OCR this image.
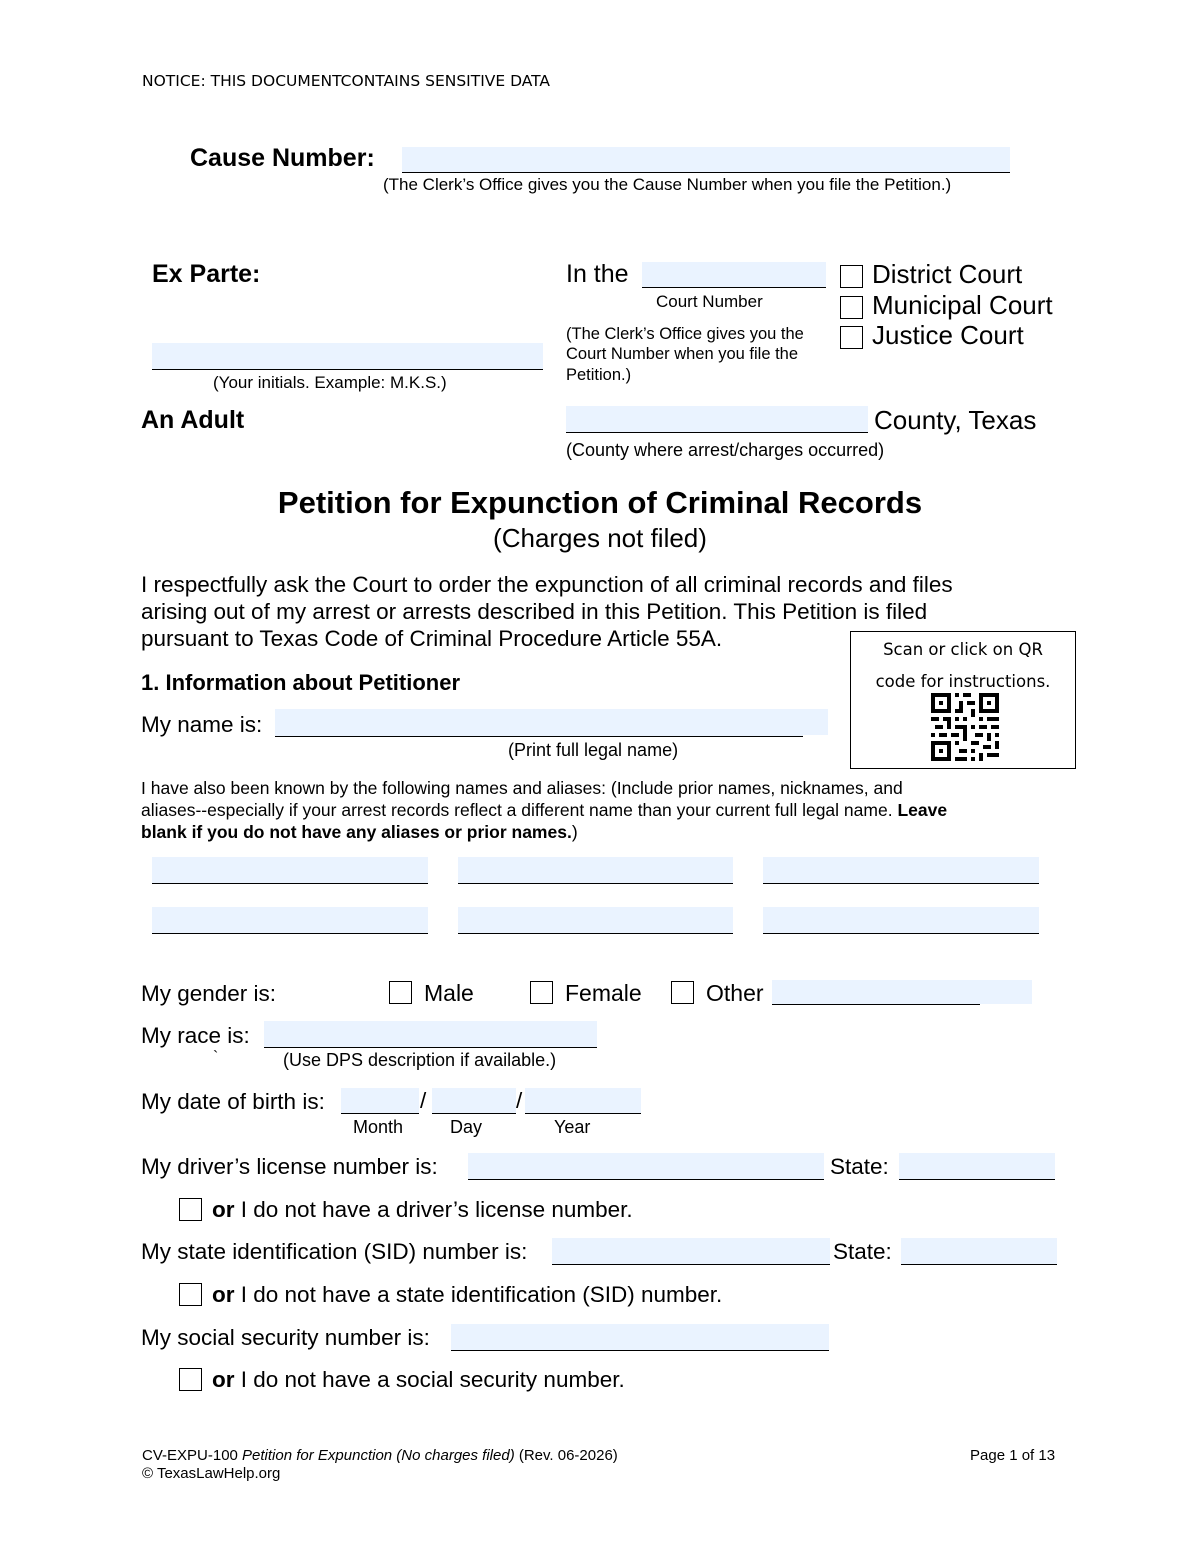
NOTICE: THIS DOCUMENTCONTAINS SENSITIVE DATA
Cause Number:
(The Clerk’s Office gives you the Cause Number when you file the Petition.)
Ex Parte:
(Your initials. Example: M.K.S.)
An Adult
In the
Court Number
(The Clerk’s Office gives you the
Court Number when you file the
Petition.)
District Court
Municipal Court
Justice Court
County, Texas
(County where arrest/charges occurred)
Petition for Expunction of Criminal Records
(Charges not filed)
I respectfully ask the Court to order the expunction of all criminal records and files
arising out of my arrest or arrests described in this Petition. This Petition is filed
pursuant to Texas Code of Criminal Procedure Article 55A.	Scan or click on QR
code for instructions.
1. Information about Petitioner
My name is:
(Print full legal name)
I have also been known by the following names and aliases: (Include prior names, nicknames, and
aliases--especially if your arrest records reflect a different name than your current full legal name. Leave
blank if you do not have any aliases or prior names.)
My gender is:	Male	Female	Other
My race is:
`	(Use DPS description if available.)
My date of birth is:	/	/
Month	Day	Year
My driver’s license number is:	State:
or I do not have a driver’s license number.
My state identification (SID) number is:	State:
or I do not have a state identification (SID) number.
My social security number is:
or I do not have a social security number.
CV-EXPU-100 Petition for Expunction (No charges filed) (Rev. 06-2026)
© TexasLawHelp.org
Page 1 of 13
